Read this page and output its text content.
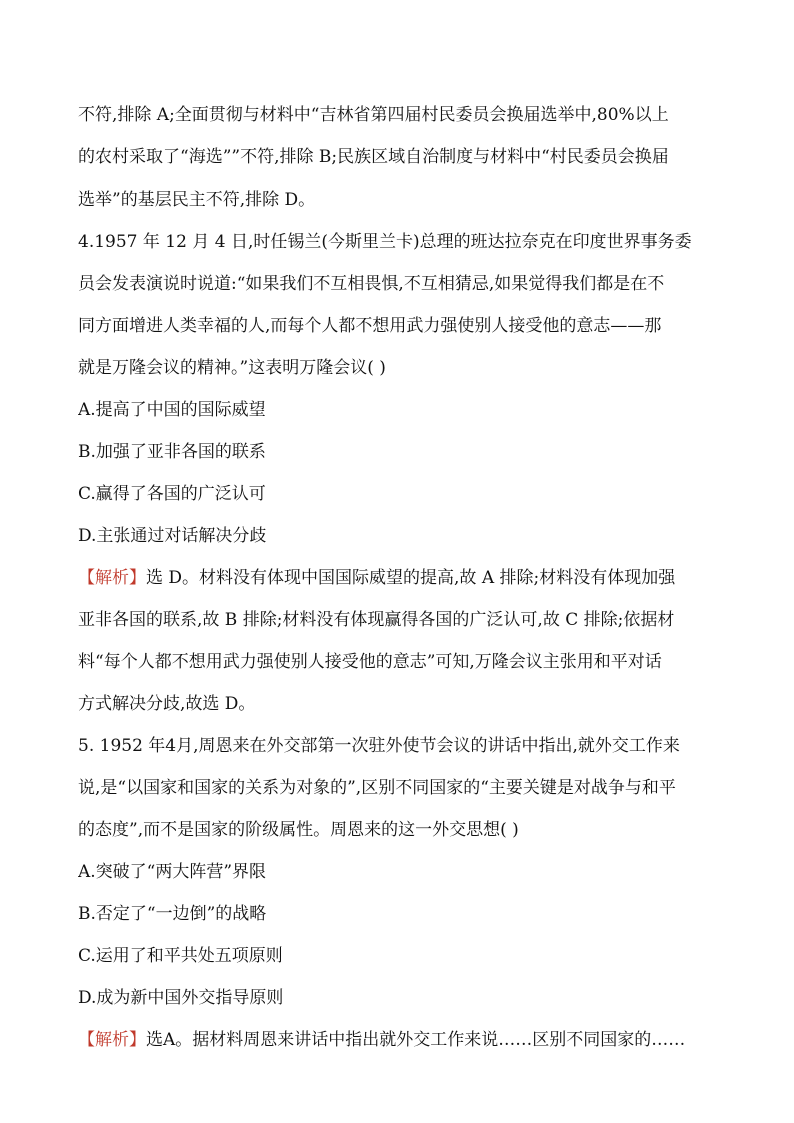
不符,排除 A;全面贯彻与材料中“吉林省第四届村民委员会换届选举中,80%以上
的农村采取了“海选””不符,排除 B;民族区域自治制度与材料中“村民委员会换届
选举”的基层民主不符,排除 D。
4.1957 年 12 月 4 日,时任锡兰(今斯里兰卡)总理的班达拉奈克在印度世界事务委
员会发表演说时说道:“如果我们不互相畏惧,不互相猜忌,如果觉得我们都是在不
同方面增进人类幸福的人,而每个人都不想用武力强使别人接受他的意志——那
就是万隆会议的精神。”这表明万隆会议( )
A.提高了中国的国际威望
B.加强了亚非各国的联系
C.赢得了各国的广泛认可
D.主张通过对话解决分歧
【解析】选 D。材料没有体现中国国际威望的提高,故 A 排除;材料没有体现加强
亚非各国的联系,故 B 排除;材料没有体现赢得各国的广泛认可,故 C 排除;依据材
料“每个人都不想用武力强使别人接受他的意志”可知,万隆会议主张用和平对话
方式解决分歧,故选 D。
5. 1952 年4月,周恩来在外交部第一次驻外使节会议的讲话中指出,就外交工作来
说,是“以国家和国家的关系为对象的”,区别不同国家的“主要关键是对战争与和平
的态度”,而不是国家的阶级属性。周恩来的这一外交思想( )
A.突破了“两大阵营”界限
B.否定了“一边倒”的战略
C.运用了和平共处五项原则
D.成为新中国外交指导原则
【解析】选A。据材料周恩来讲话中指出就外交工作来说……区别不同国家的……
